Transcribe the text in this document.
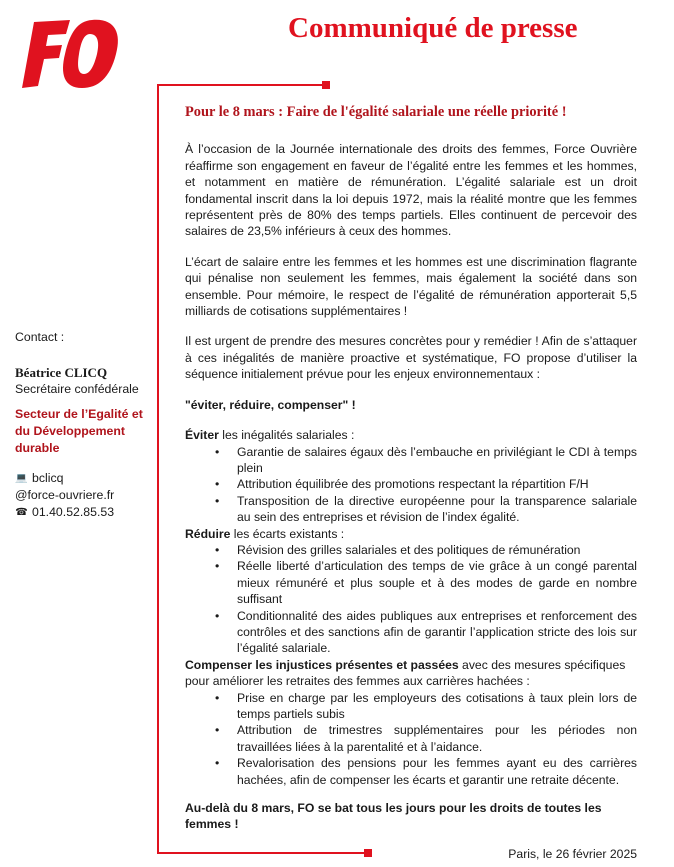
Communiqué de presse
Contact :
Béatrice CLICQ
Secrétaire confédérale
Secteur de l’Egalité et du Développement durable
💻 bclicq
@force-ouvriere.fr
☎ 01.40.52.85.53
Pour le 8 mars : Faire de l'égalité salariale une réelle priorité !

À l’occasion de la Journée internationale des droits des femmes, Force Ouvrière réaffirme son engagement en faveur de l’égalité entre les femmes et les hommes, et notamment en matière de rémunération. L’égalité salariale est un droit fondamental inscrit dans la loi depuis 1972, mais la réalité montre que les femmes représentent près de 80% des temps partiels. Elles continuent de percevoir des salaires de 23,5% inférieurs à ceux des hommes.

L’écart de salaire entre les femmes et les hommes est une discrimination flagrante qui pénalise non seulement les femmes, mais également la société dans son ensemble. Pour mémoire, le respect de l’égalité de rémunération apporterait 5,5 milliards de cotisations supplémentaires !

Il est urgent de prendre des mesures concrètes pour y remédier ! Afin de s’attaquer à ces inégalités de manière proactive et systématique, FO propose d’utiliser la séquence initialement prévue pour les enjeux environnementaux :

"éviter, réduire, compenser" !

Éviter les inégalités salariales :

• Garantie de salaires égaux dès l’embauche en privilégiant le CDI à temps plein
• Attribution équilibrée des promotions respectant la répartition F/H
• Transposition de la directive européenne pour la transparence salariale au sein des entreprises et révision de l’index égalité.

Réduire les écarts existants :

• Révision des grilles salariales et des politiques de rémunération
• Réelle liberté d’articulation des temps de vie grâce à un congé parental mieux rémunéré et plus souple et à des modes de garde en nombre suffisant
• Conditionnalité des aides publiques aux entreprises et renforcement des contrôles et des sanctions afin de garantir l’application stricte des lois sur l’égalité salariale.

Compenser les injustices présentes et passées avec des mesures spécifiques pour améliorer les retraites des femmes aux carrières hachées :

• Prise en charge par les employeurs des cotisations à taux plein lors de temps partiels subis
• Attribution de trimestres supplémentaires pour les périodes non travaillées liées à la parentalité et à l’aidance.
• Revalorisation des pensions pour les femmes ayant eu des carrières hachées, afin de compenser les écarts et garantir une retraite décente.

Au-delà du 8 mars, FO se bat tous les jours pour les droits de toutes les femmes !

Paris, le 26 février 2025
